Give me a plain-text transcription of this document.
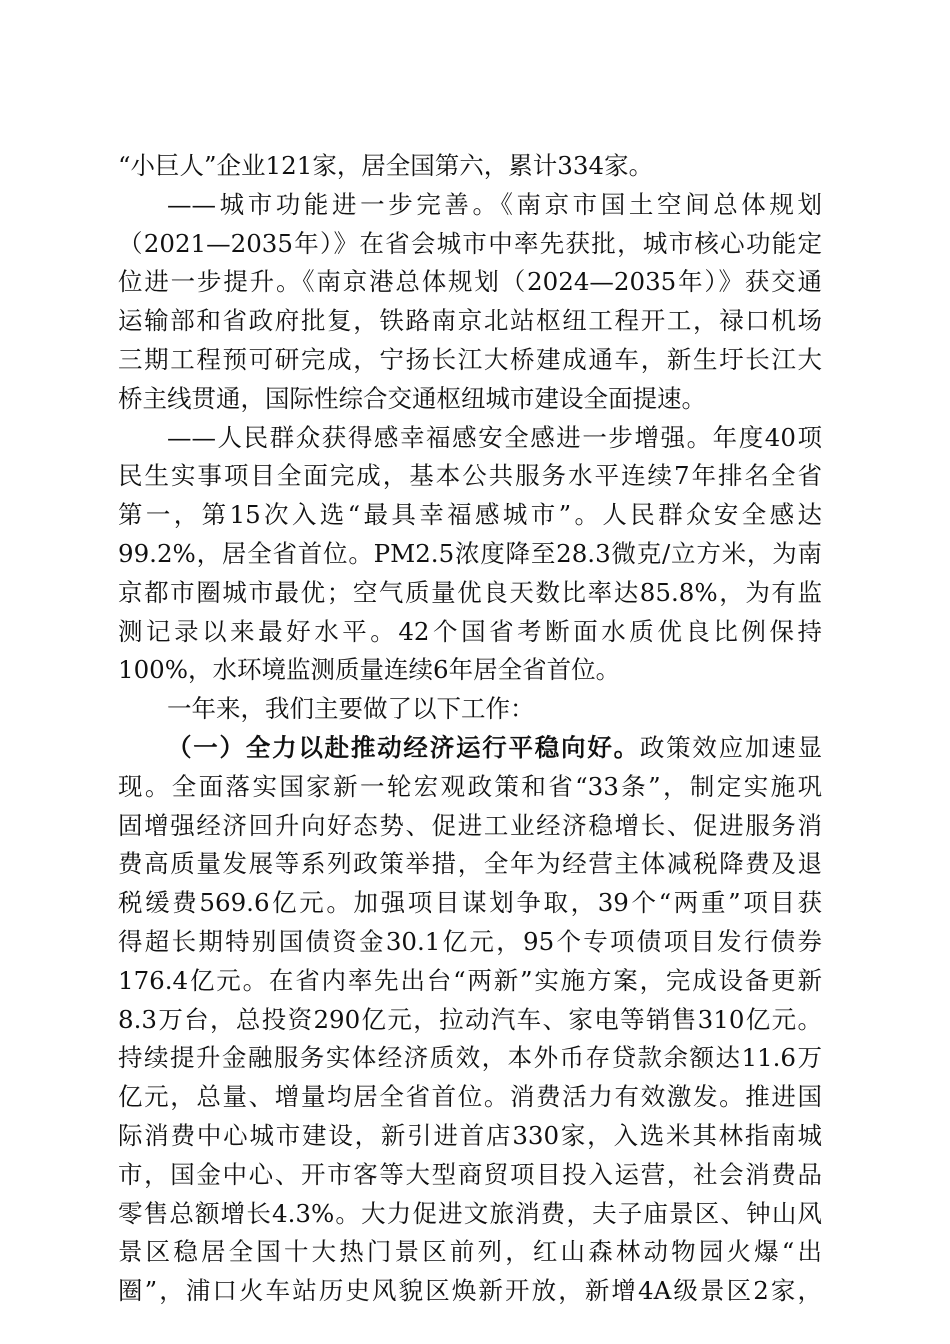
“小巨人”企业121家，居全国第六，累计334家。
——城市功能进一步完善。《南京市国土空间总体规划
（2021—2035年）》在省会城市中率先获批，城市核心功能定
位进一步提升。《南京港总体规划（2024—2035年）》获交通
运输部和省政府批复，铁路南京北站枢纽工程开工，禄口机场
三期工程预可研完成，宁扬长江大桥建成通车，新生圩长江大
桥主线贯通，国际性综合交通枢纽城市建设全面提速。
——人民群众获得感幸福感安全感进一步增强。年度40项
民生实事项目全面完成，基本公共服务水平连续7年排名全省
第一，第15次入选“最具幸福感城市”。人民群众安全感达
99.2%，居全省首位。PM2.5浓度降至28.3微克/立方米，为南
京都市圈城市最优；空气质量优良天数比率达85.8%，为有监
测记录以来最好水平。42个国省考断面水质优良比例保持
100%，水环境监测质量连续6年居全省首位。
一年来，我们主要做了以下工作：
（一）全力以赴推动经济运行平稳向好。政策效应加速显
现。全面落实国家新一轮宏观政策和省“33条”，制定实施巩
固增强经济回升向好态势、促进工业经济稳增长、促进服务消
费高质量发展等系列政策举措，全年为经营主体减税降费及退
税缓费569.6亿元。加强项目谋划争取，39个“两重”项目获
得超长期特别国债资金30.1亿元，95个专项债项目发行债券
176.4亿元。在省内率先出台“两新”实施方案，完成设备更新
8.3万台，总投资290亿元，拉动汽车、家电等销售310亿元。
持续提升金融服务实体经济质效，本外币存贷款余额达11.6万
亿元，总量、增量均居全省首位。消费活力有效激发。推进国
际消费中心城市建设，新引进首店330家，入选米其林指南城
市，国金中心、开市客等大型商贸项目投入运营，社会消费品
零售总额增长4.3%。大力促进文旅消费，夫子庙景区、钟山风
景区稳居全国十大热门景区前列，红山森林动物园火爆“出
圈”，浦口火车站历史风貌区焕新开放，新增4A级景区2家，
